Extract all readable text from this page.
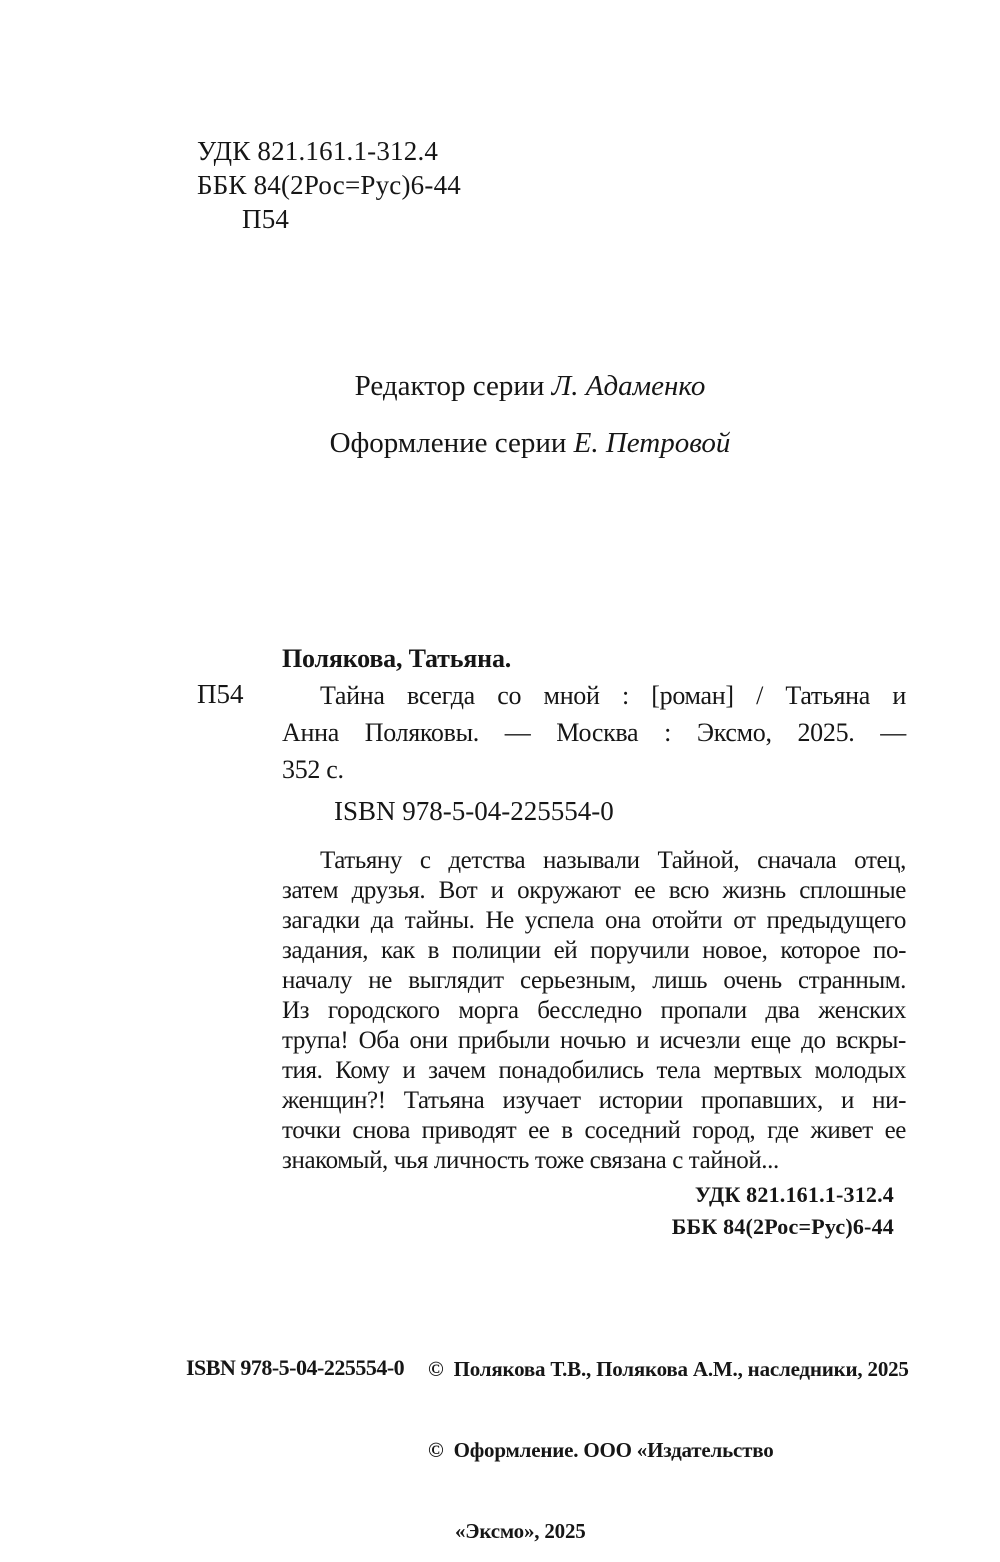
УДК 821.161.1-312.4
ББК 84(2Рос=Рус)6-44
П54
Редактор серии Л. Адаменко
Оформление серии Е. Петровой
П54
Полякова, Татьяна.
Тайна всегда со мной : [роман] / Татьяна и
Анна Поляковы. — Москва : Эксмо, 2025. —
352 с.
ISBN 978-5-04-225554-0
Татьяну с детства называли Тайной, сначала отец,
затем друзья. Вот и окружают ее всю жизнь сплошные
загадки да тайны. Не успела она отойти от предыдущего
задания, как в полиции ей поручили новое, которое по-
началу не выглядит серьезным, лишь очень странным.
Из городского морга бесследно пропали два женских
трупа! Оба они прибыли ночью и исчезли еще до вскры-
тия. Кому и зачем понадобились тела мертвых молодых
женщин?! Татьяна изучает истории пропавших, и ни-
точки снова приводят ее в соседний город, где живет ее
знакомый, чья личность тоже связана с тайной...
УДК 821.161.1-312.4
ББК 84(2Рос=Рус)6-44
ISBN 978-5-04-225554-0

©  Полякова Т.В., Полякова А.М., наследники, 2025

©  Оформление. ООО «Издательство

«Эксмо», 2025
